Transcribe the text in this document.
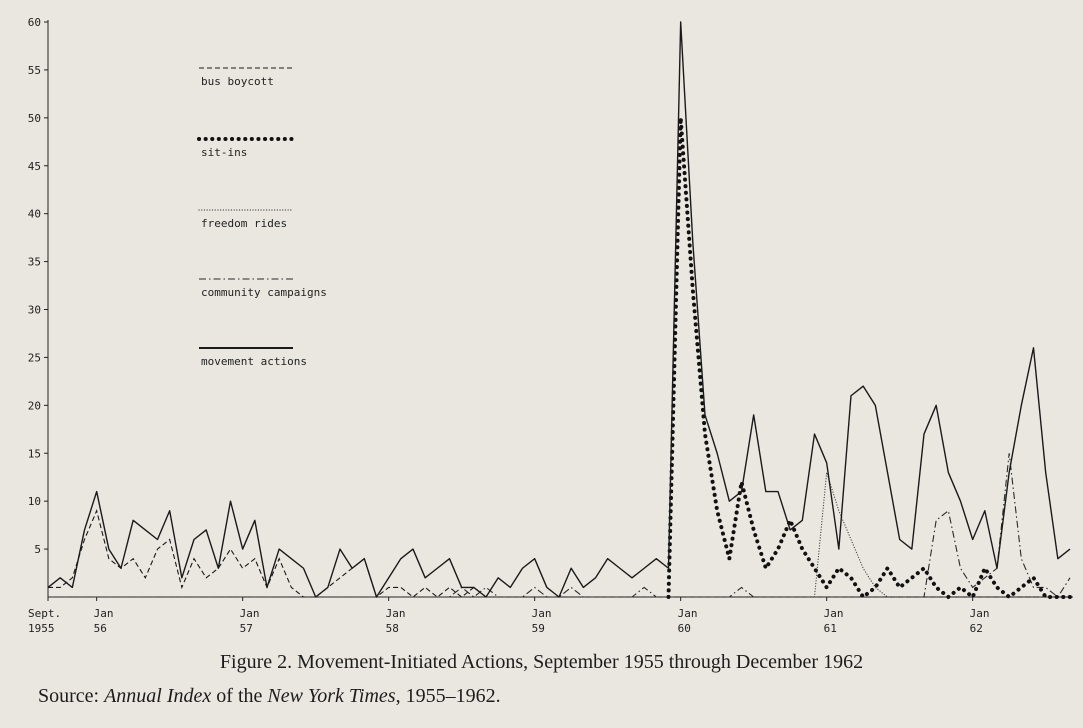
5
10
15
20
25
30
35
40
45
50
55
60
Sept.
1955
Jan
56
Jan
57
Jan
58
Jan
59
Jan
60
Jan
61
Jan
62
bus boycott
sit-ins
freedom rides
community campaigns
movement actions
Figure 2. Movement-Initiated Actions, September 1955 through December 1962
Source: Annual Index of the New York Times, 1955–1962.
